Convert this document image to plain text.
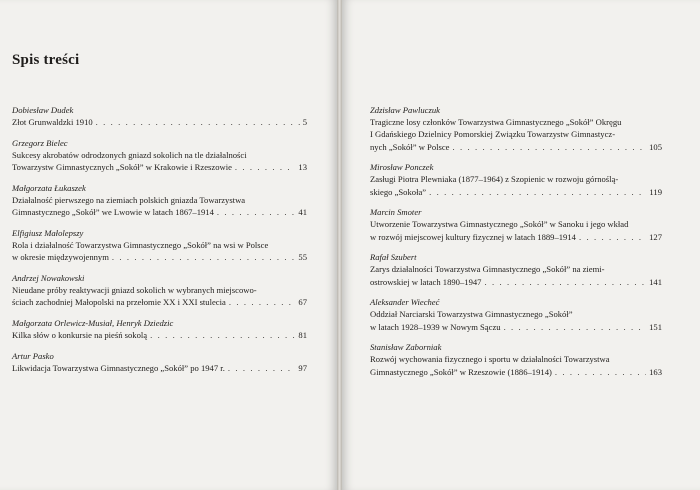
Spis treści
Dobiesław Dudek
Złot Grunwaldzki 1910 . . .	5
Grzegorz Bielec
Sukcesy akrobatów odrodzonych gniazd sokolich na tle działalności
Towarzystw Gimnastycznych „Sokół” w Krakowie i Rzeszowie . . .	13
Małgorzata Łukaszek
Działalność pierwszego na ziemiach polskich gniazda Towarzystwa
Gimnastycznego „Sokół” we Lwowie w latach 1867–1914 . . .	41
Elfigiusz Małolepszy
Rola i działalność Towarzystwa Gimnastycznego „Sokół” na wsi w Polsce
w okresie międzywojennym . . .	55
Andrzej Nowakowski
Nieudane próby reaktywacji gniazd sokolich w wybranych miejscowo-
ściach zachodniej Małopolski na przełomie XX i XXI stulecia . . .	67
Małgorzata Orlewicz-Musiał, Henryk Dziedzic
Kilka słów o konkursie na pieśń sokolą . . .	81
Artur Pasko
Likwidacja Towarzystwa Gimnastycznego „Sokół” po 1947 r. . . .	97
Zdzisław Pawluczuk
Tragiczne losy członków Towarzystwa Gimnastycznego „Sokół” Okręgu
I Gdańskiego Dzielnicy Pomorskiej Związku Towarzystw Gimnastycz-
nych „Sokół” w Polsce . . .	105
Mirosław Ponczek
Zasługi Piotra Plewniaka (1877–1964) z Szopienic w rozwoju górnoślą-
skiego „Sokoła” . . .	119
Marcin Smoter
Utworzenie Towarzystwa Gimnastycznego „Sokół” w Sanoku i jego wkład
w rozwój miejscowej kultury fizycznej w latach 1889–1914 . . .	127
Rafał Szubert
Zarys działalności Towarzystwa Gimnastycznego „Sokół” na ziemi-
ostrowskiej w latach 1890–1947 . . .	141
Aleksander Wiecheć
Oddział Narciarski Towarzystwa Gimnastycznego „Sokół”
w latach 1928–1939 w Nowym Sączu . . .	151
Stanisław Zaborniak
Rozwój wychowania fizycznego i sportu w działalności Towarzystwa
Gimnastycznego „Sokół” w Rzeszowie (1886–1914) . . .	163
